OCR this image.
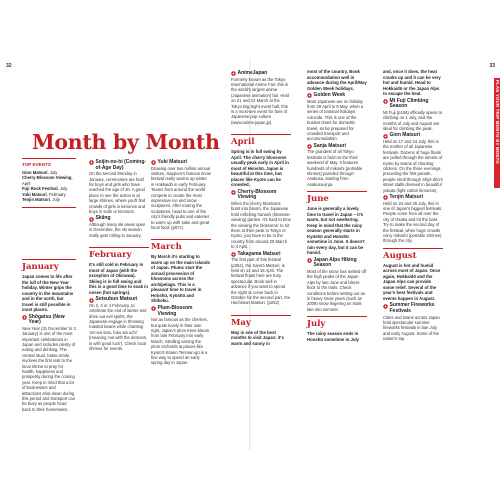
32	33
PLAN YOUR TRIP MONTH BY MONTH
Month by Month
TOP EVENTS
Gion Matsuri, July
Cherry-Blossom Viewing, April
Fuji Rock Festival, July
Yuki Matsuri, February
Tenjin Matsuri, July
January
Japan comes to life after the lull of the New Year holiday. Winter grips the country in the mountains and in the north, but travel is still possible in most places.
Shōgatsu (New Year)
New Year (31 December to 3 January) is one of the most important celebrations in Japan and includes plenty of eating and drinking. The central ritual, hatsu-mōde, involves the first visit to the local shrine to pray for health, happiness and prosperity during the coming year. Keep in mind that a lot of businesses and attractions shut down during this period and transport can be busy as people head back to their hometowns.
Seijin-no-hi (Coming-of-Age Day)
On the second Monday in January, ceremonies are held for boys and girls who have reached the age of 20. A good place to see the action is at large shrines, where you'll find crowds of girls in kimonos and boys in suits or kimonos.
Skiing
Although many ski areas open in December, the ski season really gets rolling in January.
February
It's still cold in February in most of Japan (with the exception of Okinawa). Skiing is in full swing and this is a good time to soak in onsen (hot springs).
Setsubun Matsuri
On 2, 3 or 4 February, to celebrate the end of winter and drive out evil spirits, the Japanese engage in throwing roasted beans while chanting 'oni wa soto, fuku wa uchi' (meaning 'out with the demons, in with good luck'). Check local shrines for events.
Yuki Matsuri
Drawing over two million annual visitors, Sapporo's famous snow festival really warms up winter in Hokkaidō in early February. Teams from around the world compete to create the most impressive ice and snow sculptures. After touring the sculptures, head to one of the city's friendly pubs and eateries to warm up with sake and great local food. (p671)
March
By March it's starting to warm up on the main islands of Japan. Plums start the annual procession of blossoms across the archipelago. This is a pleasant time to travel in Honshū, Kyūshū and Shikoku.
Plum-Blossom Viewing
Not as famous as the cherries, but quite lovely in their own right, Japan's plum trees bloom from late February into early March. Strolling among the plum orchards at places like Kyoto's Kitano Tenman-gū is a fine way to spend an early spring day in Japan.
AnimeJapan
Formerly known as the Tokyo International Anime Fair, this is the world's largest anime (Japanese animation) fair. Held on 21 and 22 March at the Tokyo Big Sight event hall, this is a must-see event for fans of Japanese pop culture (www.anime-japan.jp).
April
Spring is in full swing by April. The cherry blossoms usually peak early in April in most of Honshū. Japan is beautiful at this time, but places like Kyoto can be crowded.
Cherry-Blossom Viewing
When the cherry blossoms burst into bloom, the Japanese hold rollicking hanami (blossom-viewing) parties. It's hard to time the viewing the blossoms: to hit them at their peak in Tokyo or Kyoto, you have to be in the country from around 25 March to 4 April.
Takayama Matsuri
The first part of this festival (p252), the Sannō Matsuri, is held on 14 and 15 April. The festival floats here are truly spectacular. Book well in advance if you want to spend the night or come back in October for the second part, the Hachiman Matsuri. (p252)
May
May is one of the best months to visit Japan: it's warm and sunny in
most of the country. Book accommodation well in advance during the April/May Golden Week holidays.
Golden Week
Most Japanese are on holiday from 29 April to 5 May, when a series of national holidays coincide. This is one of the busiest times for domestic travel, so be prepared for crowded transport and accommodation.
Sanja Matsuri
The grandest of all Tokyo festivals is held on the third weekend of May. It features hundreds of mikoshi (portable shrines) paraded through Asakusa, starting from Asakusa-jinja.
June
June is generally a lovely time to travel in Japan – it's warm, but not sweltering. Keep in mind that the rainy season generally starts in Kyūshū and Honshū sometime in June. It doesn't rain every day, but it can be humid.
Japan Alps Hiking Season
Most of the snow has melted off the high peaks of the Japan Alps by late June and hikers flock to the trails. Check conditions before setting out as in heavy snow years (such as 2009) snow lingering on trails late into summer.
July
The rainy season ends in Honshū sometime in July
and, once it does, the heat cranks up and it can be very hot and humid. Head to Hokkaidō or the Japan Alps to escape the heat.
Mt Fuji Climbing Season
Mt Fuji (p166) officially opens to climbing on 1 July, and the months of July and August are ideal for climbing the peak.
Gion Matsuri
Held on 17 and 24 July, this is the mother of all Japanese festivals. Dozens of huge floats are pulled through the streets of Kyoto by teams of chanting citizens. On the three evenings preceding the first parade, people stroll through Shijō-dōri's street stalls dressed in beautiful yukata (light cotton kimonos).
Tenjin Matsuri
Held on 24 and 25 July, this is one of Japan's biggest festivals. People come from all over the city of Osaka and hit the bars. Try to make the second day of the festival, when huge crowds carry mikoshi (portable shrines) through the city.
August
August is hot and humid across most of Japan. Once again, Hokkaidō and the Japan Alps can provide some relief. Several of the year's best festivals and events happen in August.
Summer Fireworks Festivals
Cities and towns across Japan hold spectacular summer fireworks festivals in late July and early August. Some of the nation's top
